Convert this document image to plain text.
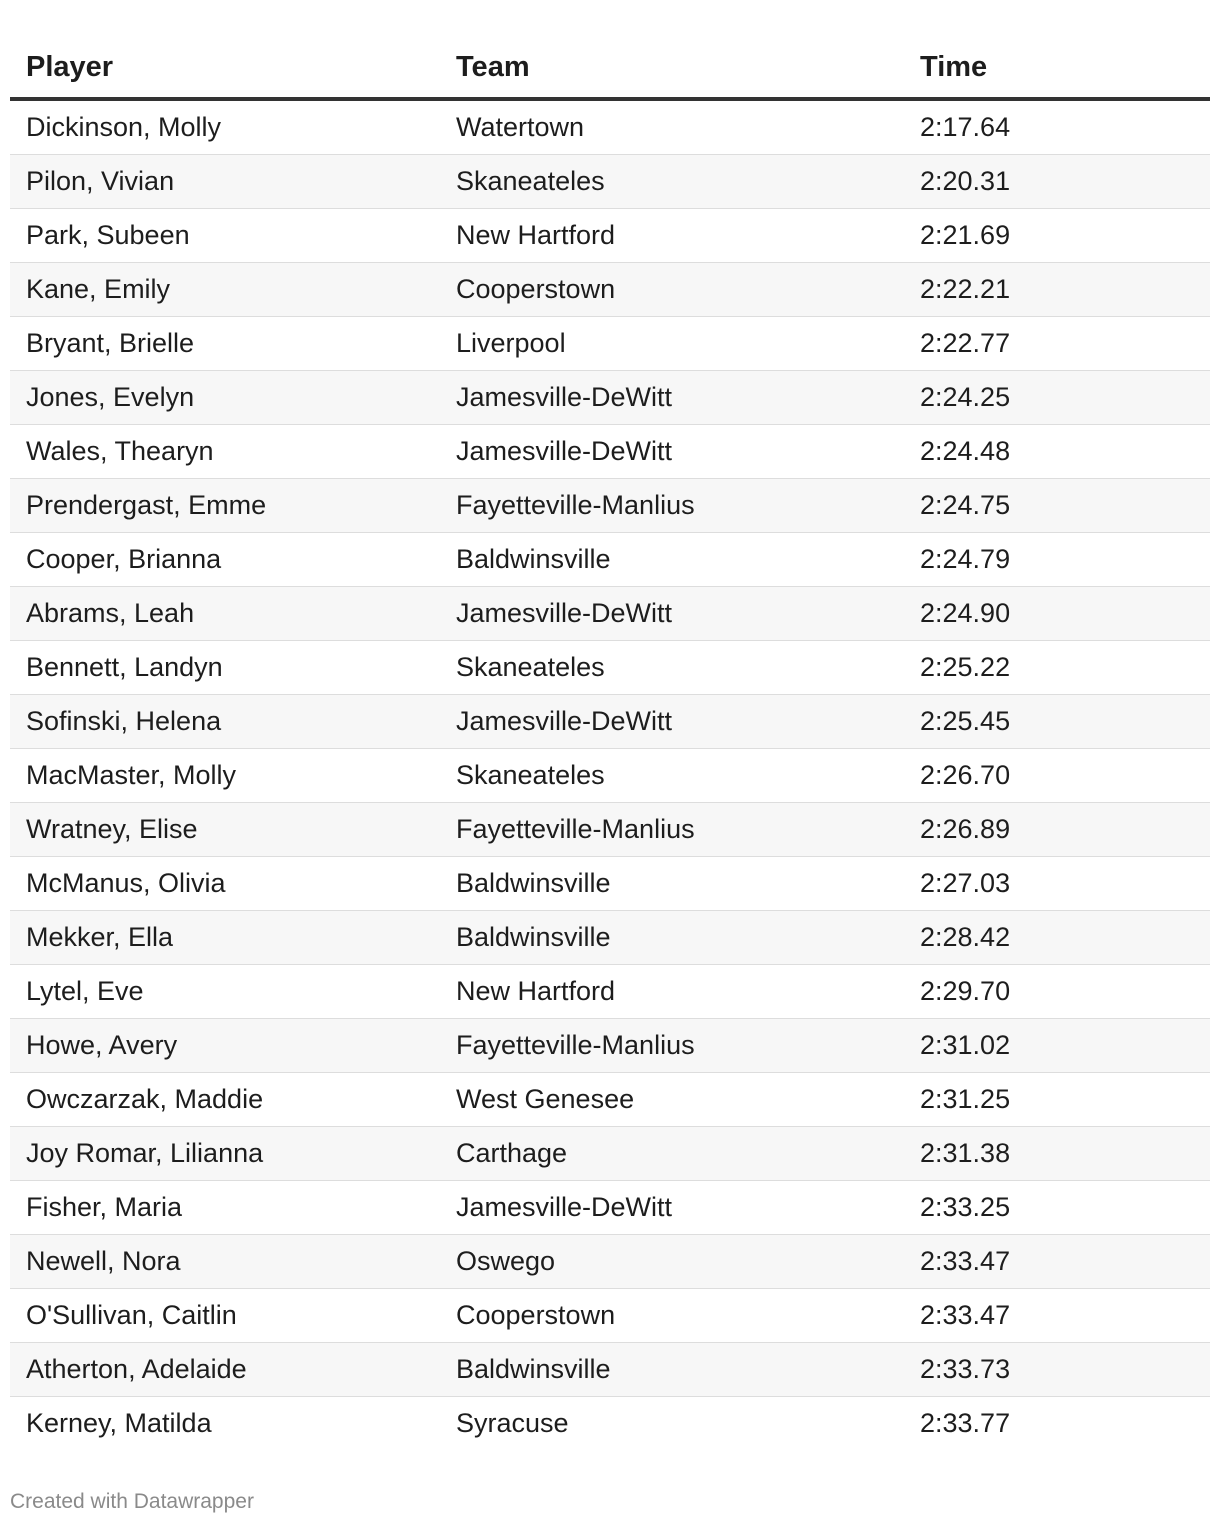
Player	Team	Time
Dickinson, Molly	Watertown	2:17.64
Pilon, Vivian	Skaneateles	2:20.31
Park, Subeen	New Hartford	2:21.69
Kane, Emily	Cooperstown	2:22.21
Bryant, Brielle	Liverpool	2:22.77
Jones, Evelyn	Jamesville-DeWitt	2:24.25
Wales, Thearyn	Jamesville-DeWitt	2:24.48
Prendergast, Emme	Fayetteville-Manlius	2:24.75
Cooper, Brianna	Baldwinsville	2:24.79
Abrams, Leah	Jamesville-DeWitt	2:24.90
Bennett, Landyn	Skaneateles	2:25.22
Sofinski, Helena	Jamesville-DeWitt	2:25.45
MacMaster, Molly	Skaneateles	2:26.70
Wratney, Elise	Fayetteville-Manlius	2:26.89
McManus, Olivia	Baldwinsville	2:27.03
Mekker, Ella	Baldwinsville	2:28.42
Lytel, Eve	New Hartford	2:29.70
Howe, Avery	Fayetteville-Manlius	2:31.02
Owczarzak, Maddie	West Genesee	2:31.25
Joy Romar, Lilianna	Carthage	2:31.38
Fisher, Maria	Jamesville-DeWitt	2:33.25
Newell, Nora	Oswego	2:33.47
O'Sullivan, Caitlin	Cooperstown	2:33.47
Atherton, Adelaide	Baldwinsville	2:33.73
Kerney, Matilda	Syracuse	2:33.77
Created with Datawrapper
